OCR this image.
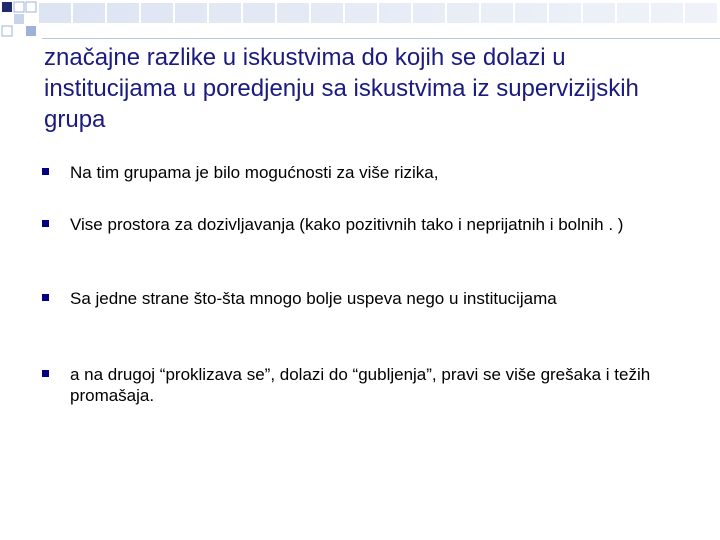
značajne razlike u iskustvima do kojih se dolazi u institucijama u poredjenju sa iskustvima iz supervizijskih grupa
Na tim grupama je bilo mogućnosti za više rizika,
Vise prostora za dozivljavanja (kako pozitivnih tako i neprijatnih i bolnih . )
Sa jedne strane što-šta mnogo bolje uspeva nego u institucijama
a na drugoj “proklizava se”, dolazi do “gubljenja”, pravi se više grešaka i težih promašaja.
